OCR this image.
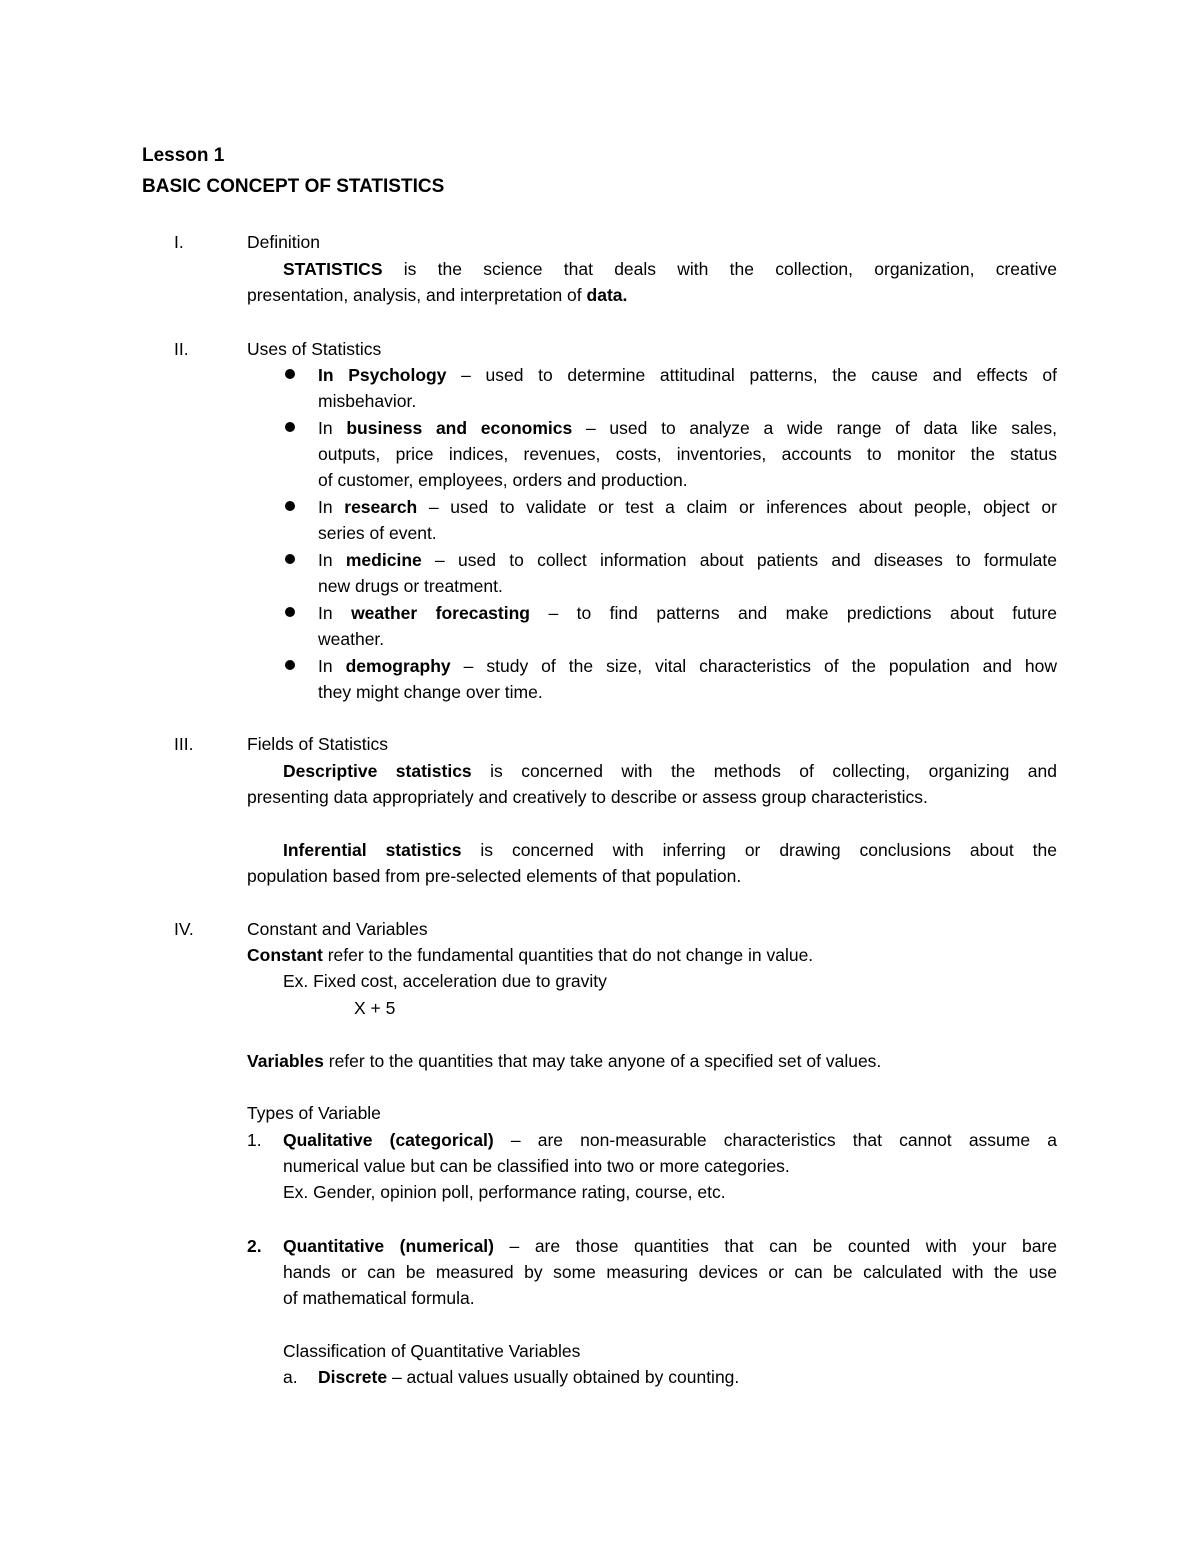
Lesson 1
BASIC CONCEPT OF STATISTICS
I.	Definition
STATISTICS is the science that deals with the collection, organization, creative
presentation, analysis, and interpretation of data.
II.	Uses of Statistics
In Psychology – used to determine attitudinal patterns, the cause and effects of
misbehavior.
In business and economics – used to analyze a wide range of data like sales,
outputs, price indices, revenues, costs, inventories, accounts to monitor the status
of customer, employees, orders and production.
In research – used to validate or test a claim or inferences about people, object or
series of event.
In medicine – used to collect information about patients and diseases to formulate
new drugs or treatment.
In weather forecasting – to find patterns and make predictions about future
weather.
In demography – study of the size, vital characteristics of the population and how
they might change over time.
III.	Fields of Statistics
Descriptive statistics is concerned with the methods of collecting, organizing and
presenting data appropriately and creatively to describe or assess group characteristics.
Inferential statistics is concerned with inferring or drawing conclusions about the
population based from pre-selected elements of that population.
IV.	Constant and Variables
Constant refer to the fundamental quantities that do not change in value.
Ex. Fixed cost, acceleration due to gravity
X + 5
Variables refer to the quantities that may take anyone of a specified set of values.
Types of Variable
1. Qualitative (categorical) – are non-measurable characteristics that cannot assume a
numerical value but can be classified into two or more categories.
Ex. Gender, opinion poll, performance rating, course, etc.
2. Quantitative (numerical) – are those quantities that can be counted with your bare
hands or can be measured by some measuring devices or can be calculated with the use
of mathematical formula.
Classification of Quantitative Variables
a. Discrete – actual values usually obtained by counting.
